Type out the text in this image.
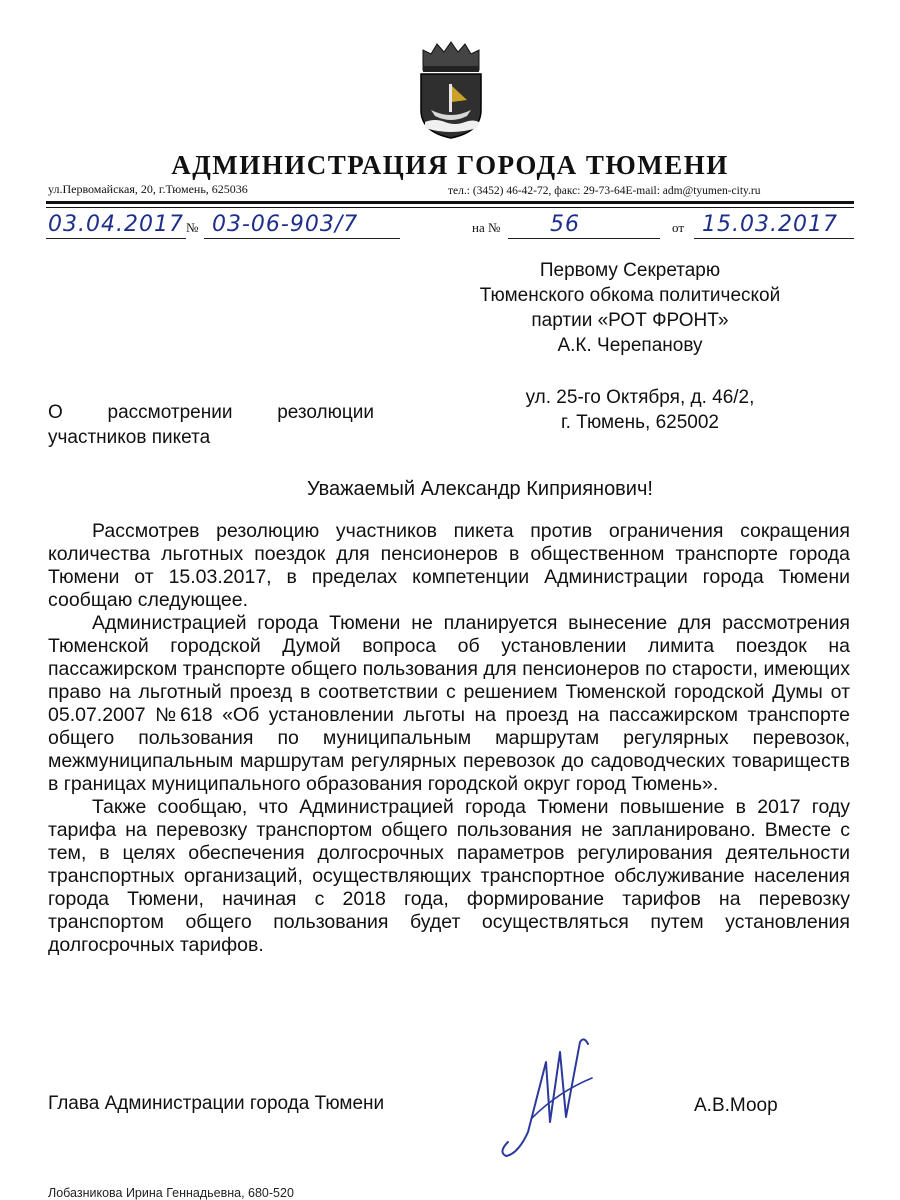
АДМИНИСТРАЦИЯ ГОРОДА ТЮМЕНИ
ул.Первомайская, 20, г.Тюмень, 625036	тел.: (3452) 46-42-72, факс: 29-73-64E-mail: adm@tyumen-city.ru
03.04.2017 № 03-06-903/7	на № 56	от 15.03.2017
Первому Секретарю
Тюменского обкома политической
партии «РОТ ФРОНТ»
А.К. Черепанову
ул. 25-го Октября, д. 46/2,
г. Тюмень, 625002
О рассмотрении резолюции
участников пикета
Уважаемый Александр Киприянович!

Рассмотрев резолюцию участников пикета против ограничения сокращения количества льготных поездок для пенсионеров в общественном транспорте города Тюмени от 15.03.2017, в пределах компетенции Администрации города Тюмени сообщаю следующее.

Администрацией города Тюмени не планируется вынесение для рассмотрения Тюменской городской Думой вопроса об установлении лимита поездок на пассажирском транспорте общего пользования для пенсионеров по старости, имеющих право на льготный проезд в соответствии с решением Тюменской городской Думы от 05.07.2007 №618 «Об установлении льготы на проезд на пассажирском транспорте общего пользования по муниципальным маршрутам регулярных перевозок, межмуниципальным маршрутам регулярных перевозок до садоводческих товариществ в границах муниципального образования городской округ город Тюмень».

Также сообщаю, что Администрацией города Тюмени повышение в 2017 году тарифа на перевозку транспортом общего пользования не запланировано. Вместе с тем, в целях обеспечения долгосрочных параметров регулирования деятельности транспортных организаций, осуществляющих транспортное обслуживание населения города Тюмени, начиная с 2018 года, формирование тарифов на перевозку транспортом общего пользования будет осуществляться путем установления долгосрочных тарифов.

Глава Администрации города Тюмени	А.В.Моор
Лобазникова Ирина Геннадьевна, 680-520
